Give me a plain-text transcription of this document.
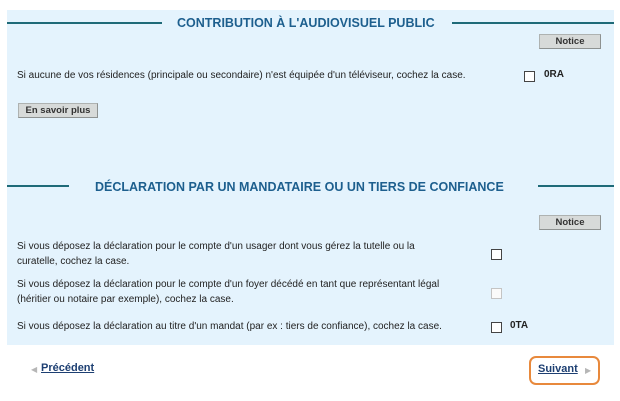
CONTRIBUTION À L'AUDIOVISUEL PUBLIC
Notice
Si aucune de vos résidences (principale ou secondaire) n'est équipée d'un téléviseur, cochez la case.	0RA
En savoir plus
DÉCLARATION PAR UN MANDATAIRE OU UN TIERS DE CONFIANCE
Notice
Si vous déposez la déclaration pour le compte d'un usager dont vous gérez la tutelle ou la
curatelle, cochez la case.
Si vous déposez la déclaration pour le compte d'un foyer décédé en tant que représentant légal
(héritier ou notaire par exemple), cochez la case.
Si vous déposez la déclaration au titre d'un mandat (par ex : tiers de confiance), cochez la case.	0TA
◀ Précédent	Suivant ▶
